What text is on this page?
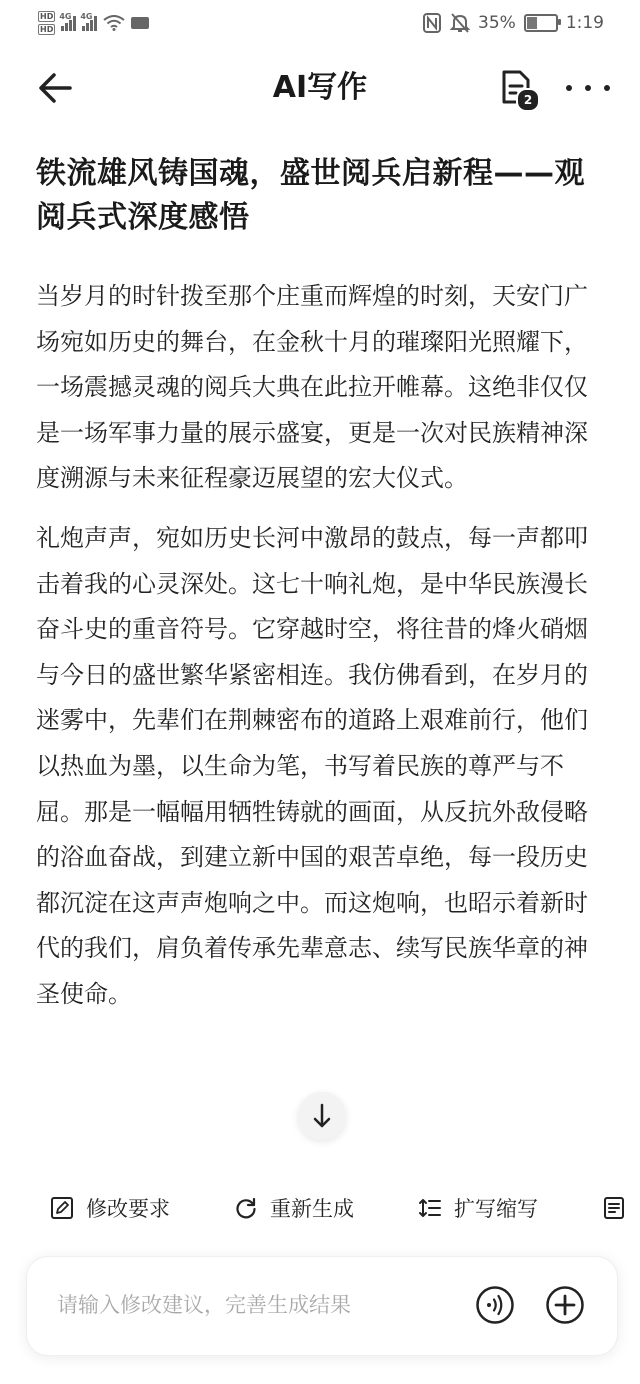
HD
HD
4G 4G	35%	1:19
AI写作	2
铁流雄风铸国魂，盛世阅兵启新程——观阅兵式深度感悟

当岁月的时针拨至那个庄重而辉煌的时刻，天安门广场宛如历史的舞台，在金秋十月的璀璨阳光照耀下，一场震撼灵魂的阅兵大典在此拉开帷幕。这绝非仅仅是一场军事力量的展示盛宴，更是一次对民族精神深度溯源与未来征程豪迈展望的宏大仪式。

礼炮声声，宛如历史长河中激昂的鼓点，每一声都叩击着我的心灵深处。这七十响礼炮，是中华民族漫长奋斗史的重音符号。它穿越时空，将往昔的烽火硝烟与今日的盛世繁华紧密相连。我仿佛看到，在岁月的迷雾中，先辈们在荆棘密布的道路上艰难前行，他们以热血为墨，以生命为笔，书写着民族的尊严与不屈。那是一幅幅用牺牲铸就的画面，从反抗外敌侵略的浴血奋战，到建立新中国的艰苦卓绝，每一段历史都沉淀在这声声炮响之中。而这炮响，也昭示着新时代的我们，肩负着传承先辈意志、续写民族华章的神圣使命。

修改要求	重新生成	扩写缩写
请输入修改建议，完善生成结果
